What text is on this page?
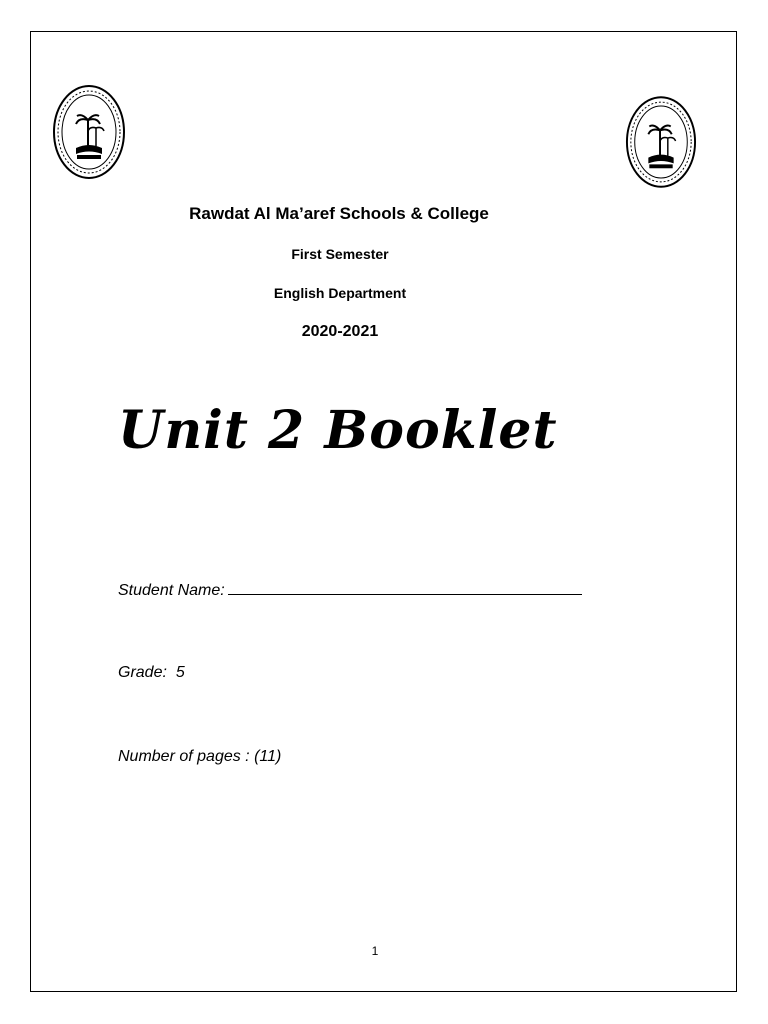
Rawdat Al Ma’aref Schools & College
First Semester
English Department
2020-2021
Unit 2 Booklet
Student Name:
Grade: 5
Number of pages : (11)
1
